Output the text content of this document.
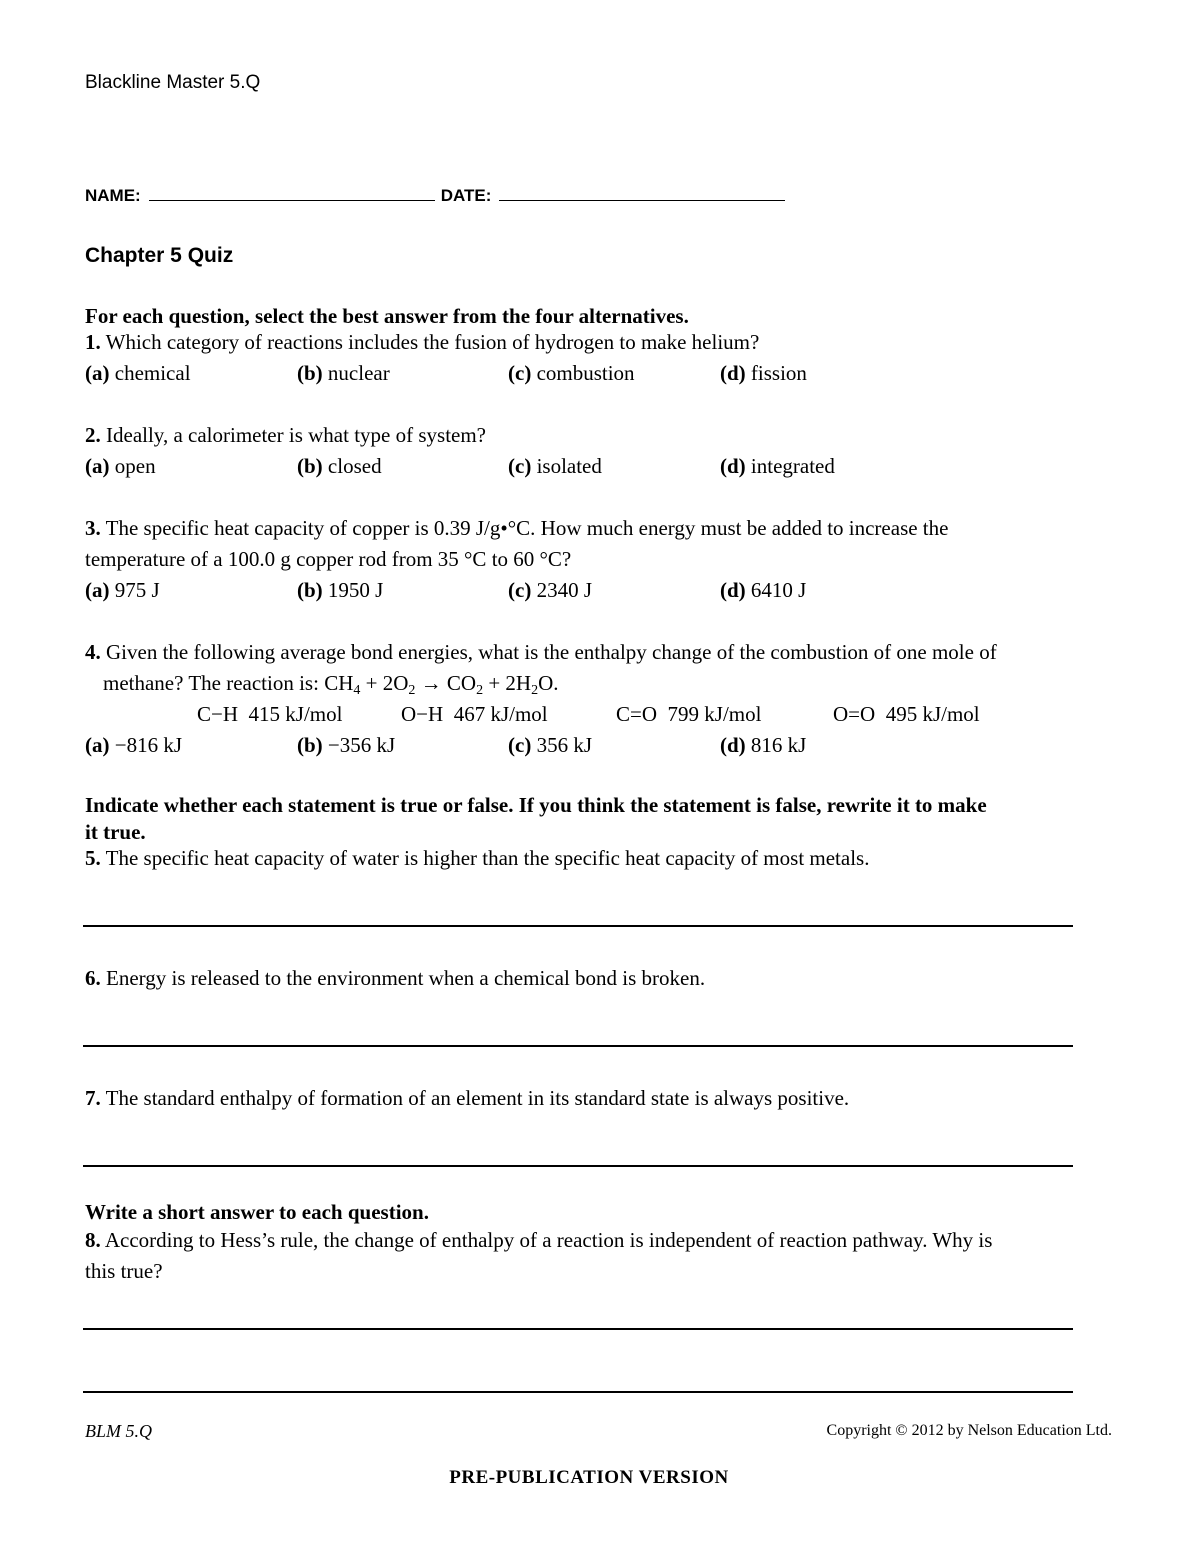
Blackline Master 5.Q
NAME:	DATE:
Chapter 5 Quiz
For each question, select the best answer from the four alternatives.
1. Which category of reactions includes the fusion of hydrogen to make helium?
(a) chemical	(b) nuclear	(c) combustion	(d) fission
2. Ideally, a calorimeter is what type of system?
(a) open	(b) closed	(c) isolated	(d) integrated
3. The specific heat capacity of copper is 0.39 J/g•°C. How much energy must be added to increase the
temperature of a 100.0 g copper rod from 35 °C to 60 °C?
(a) 975 J	(b) 1950 J	(c) 2340 J	(d) 6410 J
4. Given the following average bond energies, what is the enthalpy change of the combustion of one mole of
methane? The reaction is: $CH_4 + 2O_2 \to CO_2 + 2H_2O$.
C−H 415 kJ/mol	O−H 467 kJ/mol	C=O 799 kJ/mol	O=O 495 kJ/mol
(a) −816 kJ	(b) −356 kJ	(c) 356 kJ	(d) 816 kJ
Indicate whether each statement is true or false. If you think the statement is false, rewrite it to make
it true.
5. The specific heat capacity of water is higher than the specific heat capacity of most metals.
6. Energy is released to the environment when a chemical bond is broken.
7. The standard enthalpy of formation of an element in its standard state is always positive.
Write a short answer to each question.
8. According to Hess’s rule, the change of enthalpy of a reaction is independent of reaction pathway. Why is
this true?
BLM 5.Q	Copyright © 2012 by Nelson Education Ltd.
PRE-PUBLICATION VERSION
